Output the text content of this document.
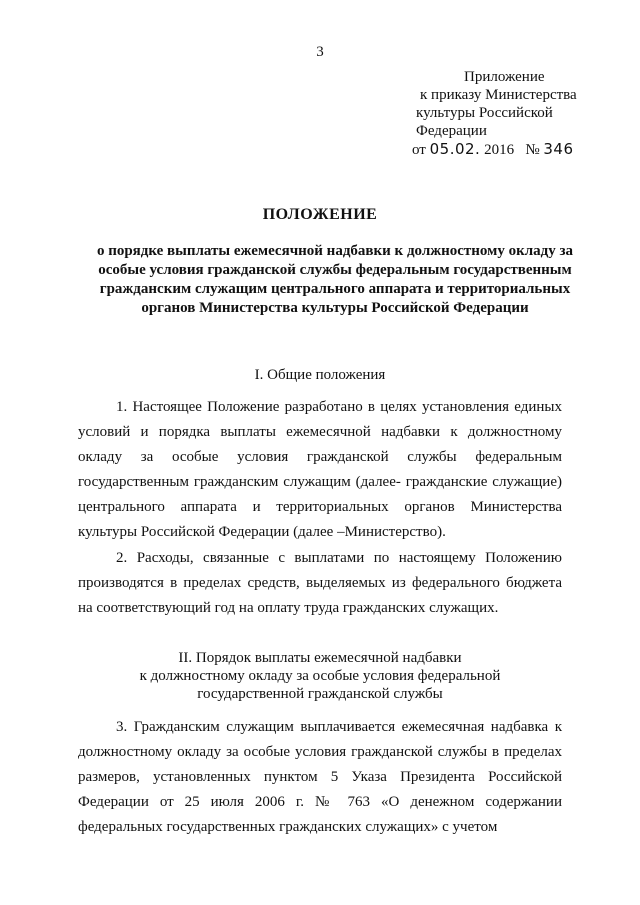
3
Приложение
к приказу Министерства
культуры Российской
Федерации
от 05.02. 2016 № 346
ПОЛОЖЕНИЕ
о порядке выплаты ежемесячной надбавки к должностному окладу за особые условия гражданской службы федеральным государственным гражданским служащим центрального аппарата и территориальных органов Министерства культуры Российской Федерации
I. Общие положения
1. Настоящее Положение разработано в целях установления единых условий и порядка выплаты ежемесячной надбавки к должностному окладу за особые условия гражданской службы федеральным государственным гражданским служащим (далее- гражданские служащие) центрального аппарата и территориальных органов Министерства культуры Российской Федерации (далее –Министерство).
2. Расходы, связанные с выплатами по настоящему Положению производятся в пределах средств, выделяемых из федерального бюджета на соответствующий год на оплату труда гражданских служащих.
II. Порядок выплаты ежемесячной надбавки
к должностному окладу за особые условия федеральной
государственной гражданской службы
3. Гражданским служащим выплачивается ежемесячная надбавка к должностному окладу за особые условия гражданской службы в пределах размеров, установленных пунктом 5 Указа Президента Российской Федерации от 25 июля 2006 г. № 763 «О денежном содержании федеральных государственных гражданских служащих» с учетом
